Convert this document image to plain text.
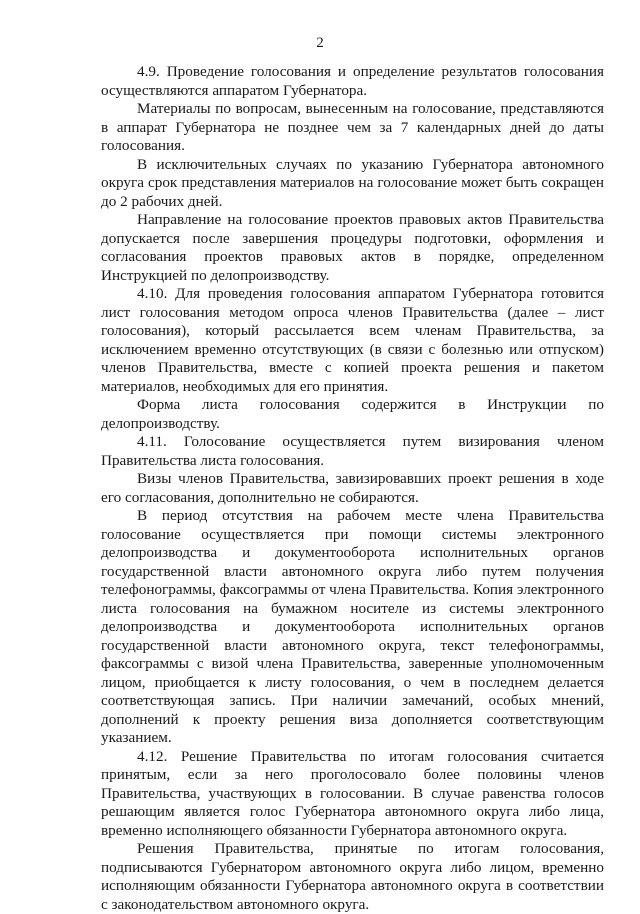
2

4.9. Проведение голосования и определение результатов голосования осуществляются аппаратом Губернатора.

Материалы по вопросам, вынесенным на голосование, представляются в аппарат Губернатора не позднее чем за 7 календарных дней до даты голосования.

В исключительных случаях по указанию Губернатора автономного округа срок представления материалов на голосование может быть сокращен до 2 рабочих дней.

Направление на голосование проектов правовых актов Правительства допускается после завершения процедуры подготовки, оформления и согласования проектов правовых актов в порядке, определенном Инструкцией по делопроизводству.

4.10. Для проведения голосования аппаратом Губернатора готовится лист голосования методом опроса членов Правительства (далее – лист голосования), который рассылается всем членам Правительства, за исключением временно отсутствующих (в связи с болезнью или отпуском) членов Правительства, вместе с копией проекта решения и пакетом материалов, необходимых для его принятия.

Форма листа голосования содержится в Инструкции по делопроизводству.

4.11. Голосование осуществляется путем визирования членом Правительства листа голосования.

Визы членов Правительства, завизировавших проект решения в ходе его согласования, дополнительно не собираются.

В период отсутствия на рабочем месте члена Правительства голосование осуществляется при помощи системы электронного делопроизводства и документооборота исполнительных органов государственной власти автономного округа либо путем получения телефонограммы, факсограммы от члена Правительства. Копия электронного листа голосования на бумажном носителе из системы электронного делопроизводства и документооборота исполнительных органов государственной власти автономного округа, текст телефонограммы, факсограммы с визой члена Правительства, заверенные уполномоченным лицом, приобщается к листу голосования, о чем в последнем делается соответствующая запись. При наличии замечаний, особых мнений, дополнений к проекту решения виза дополняется соответствующим указанием.

4.12. Решение Правительства по итогам голосования считается принятым, если за него проголосовало более половины членов Правительства, участвующих в голосовании. В случае равенства голосов решающим является голос Губернатора автономного округа либо лица, временно исполняющего обязанности Губернатора автономного округа.

Решения Правительства, принятые по итогам голосования, подписываются Губернатором автономного округа либо лицом, временно исполняющим обязанности Губернатора автономного округа в соответствии с законодательством автономного округа.
